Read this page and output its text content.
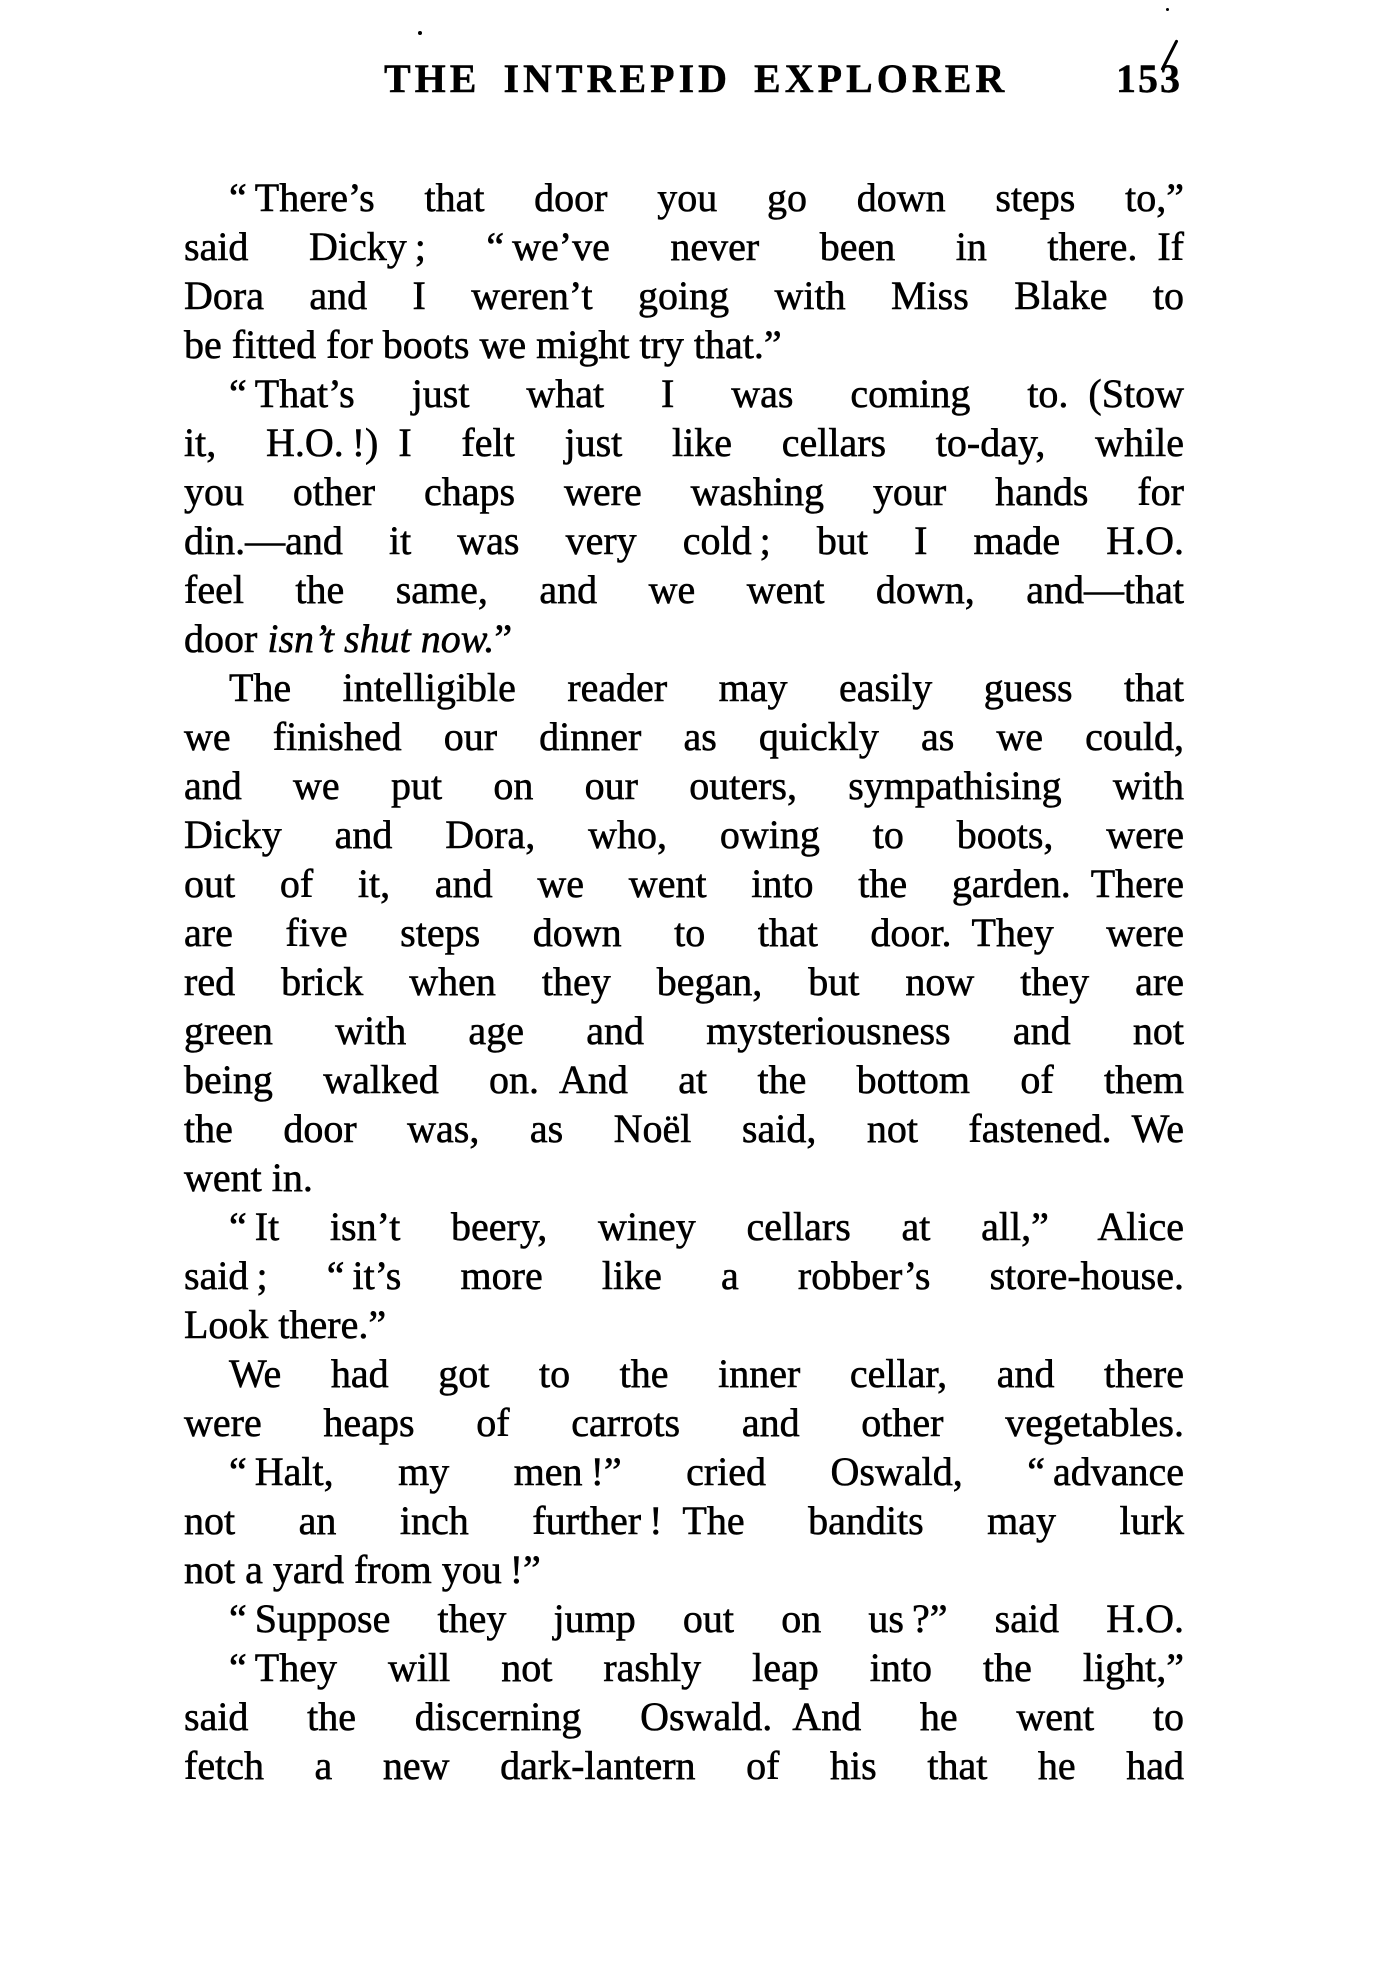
THE INTREPID EXPLORER	153
“ There’s that door you go down steps to,”
said Dicky ; “ we’ve never been in there. If
Dora and I weren’t going with Miss Blake to
be fitted for boots we might try that.”
“ That’s just what I was coming to. (Stow
it, H.O. !) I felt just like cellars to-day, while
you other chaps were washing your hands for
din.—and it was very cold ; but I made H.O.
feel the same, and we went down, and—that
door isn’t shut now.”
The intelligible reader may easily guess that
we finished our dinner as quickly as we could,
and we put on our outers, sympathising with
Dicky and Dora, who, owing to boots, were
out of it, and we went into the garden. There
are five steps down to that door. They were
red brick when they began, but now they are
green with age and mysteriousness and not
being walked on. And at the bottom of them
the door was, as Noël said, not fastened. We
went in.
“ It isn’t beery, winey cellars at all,” Alice
said ; “ it’s more like a robber’s store-house.
Look there.”
We had got to the inner cellar, and there
were heaps of carrots and other vegetables.
“ Halt, my men !” cried Oswald, “ advance
not an inch further ! The bandits may lurk
not a yard from you !”
“ Suppose they jump out on us ?” said H.O.
“ They will not rashly leap into the light,”
said the discerning Oswald. And he went to
fetch a new dark-lantern of his that he had
